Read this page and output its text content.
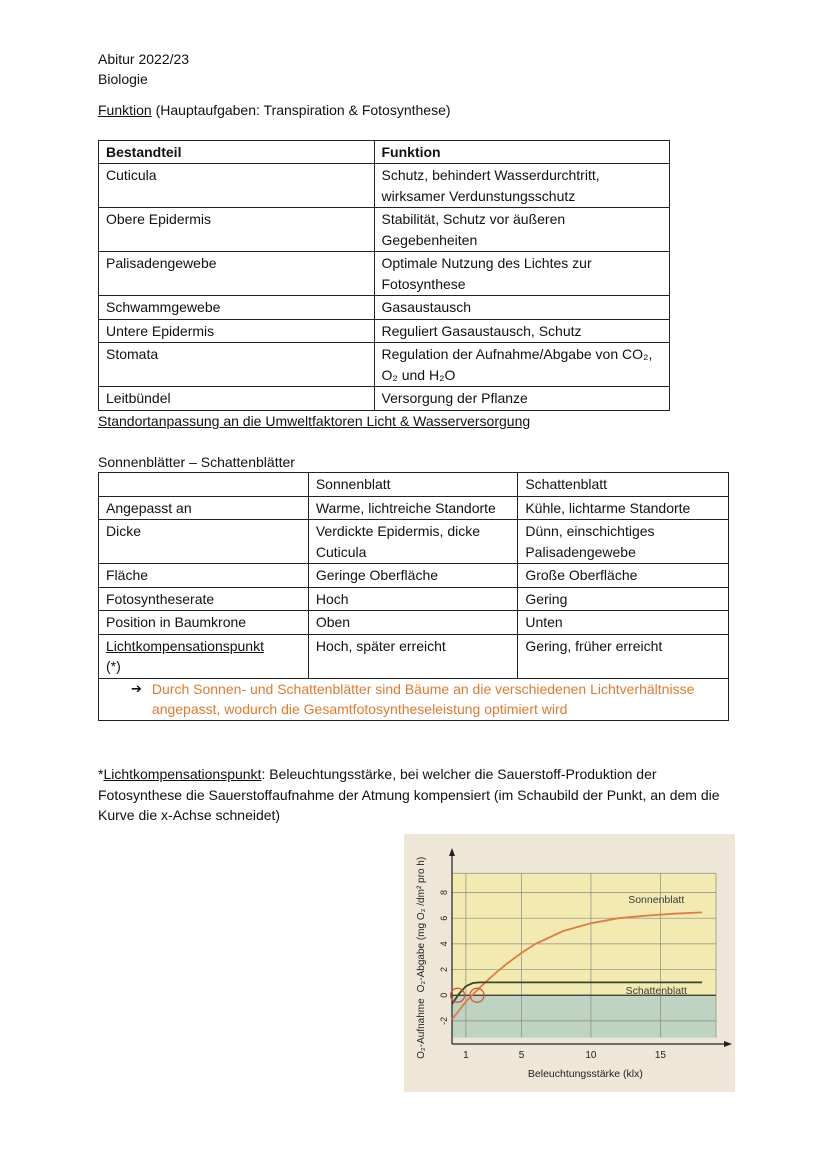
Abitur 2022/23
Biologie
Funktion (Hauptaufgaben: Transpiration & Fotosynthese)
Bestandteil	Funktion
Cuticula	Schutz, behindert Wasserdurchtritt, wirksamer Verdunstungsschutz
Obere Epidermis	Stabilität, Schutz vor äußeren Gegebenheiten
Palisadengewebe	Optimale Nutzung des Lichtes zur Fotosynthese
Schwammgewebe	Gasaustausch
Untere Epidermis	Reguliert Gasaustausch, Schutz
Stomata	Regulation der Aufnahme/Abgabe von CO₂, O₂ und H₂O
Leitbündel	Versorgung der Pflanze
Standortanpassung an die Umweltfaktoren Licht & Wasserversorgung
Sonnenblätter – Schattenblätter
	Sonnenblatt	Schattenblatt
Angepasst an	Warme, lichtreiche Standorte	Kühle, lichtarme Standorte
Dicke	Verdickte Epidermis, dicke Cuticula	Dünn, einschichtiges Palisadengewebe
Fläche	Geringe Oberfläche	Große Oberfläche
Fotosyntheserate	Hoch	Gering
Position in Baumkrone	Oben	Unten
Lichtkompensationspunkt
(*)	Hoch, später erreicht	Gering, früher erreicht

➔ Durch Sonnen- und Schattenblätter sind Bäume an die verschiedenen Lichtverhältnisse angepasst, wodurch die Gesamtfotosyntheseleistung optimiert wird		
*Lichtkompensationspunkt: Beleuchtungsstärke, bei welcher die Sauerstoff-Produktion der Fotosynthese die Sauerstoffaufnahme der Atmung kompensiert (im Schaubild der Punkt, an dem die Kurve die x-Achse schneidet)
1	5	10	15
-2
0
2
4
6
8
Sonnenblatt
Schattenblatt
Beleuchtungsstärke (klx)
O₂-Abgabe (mg O₂ /dm² pro h)
O₂-Aufnahme
